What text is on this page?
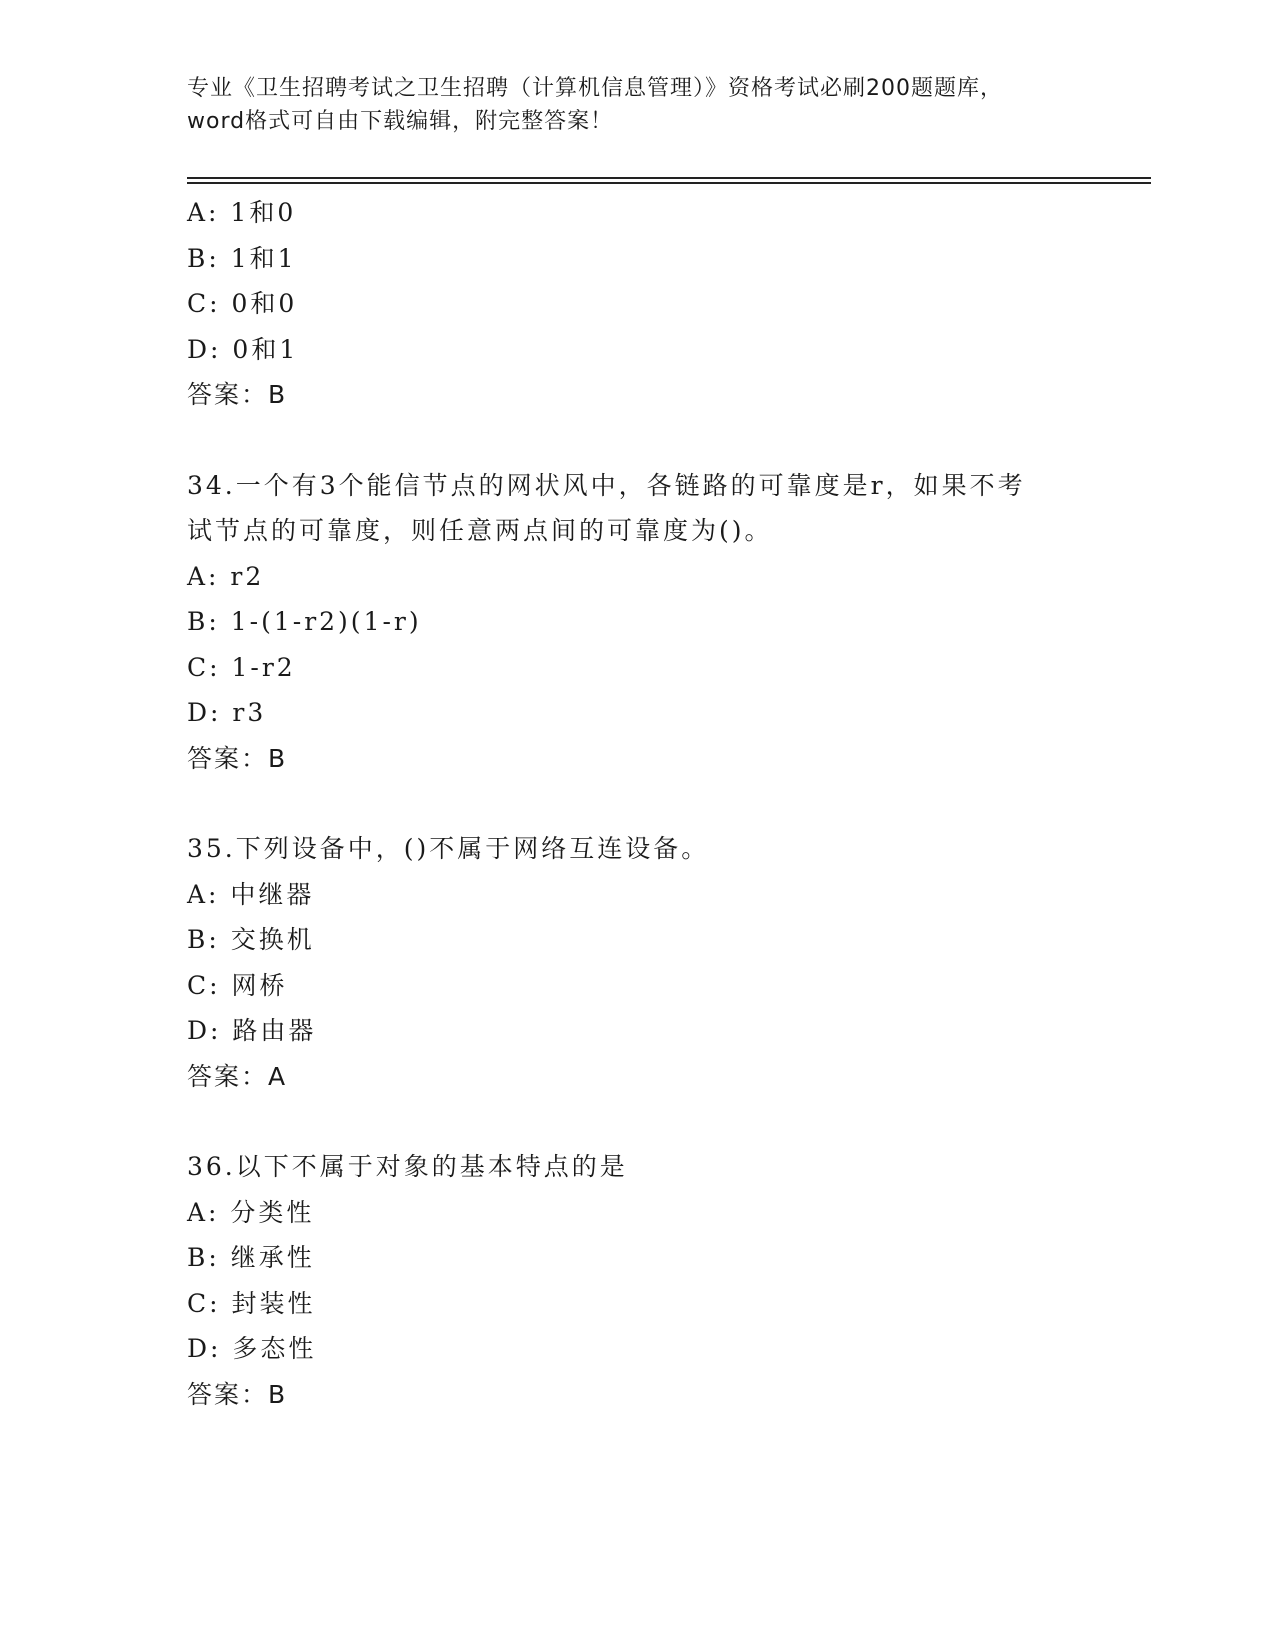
专业《卫生招聘考试之卫生招聘（计算机信息管理）》资格考试必刷200题题库，
word格式可自由下载编辑，附完整答案！
A: 1和0
B: 1和1
C: 0和0
D: 0和1
答案：B
34.一个有3个能信节点的网状风中，各链路的可靠度是r，如果不考
试节点的可靠度，则任意两点间的可靠度为()。
A: r2
B: 1-(1-r2)(1-r)
C: 1-r2
D: r3
答案：B
35.下列设备中，()不属于网络互连设备。
A: 中继器
B: 交换机
C: 网桥
D: 路由器
答案：A
36.以下不属于对象的基本特点的是
A: 分类性
B: 继承性
C: 封装性
D: 多态性
答案：B
